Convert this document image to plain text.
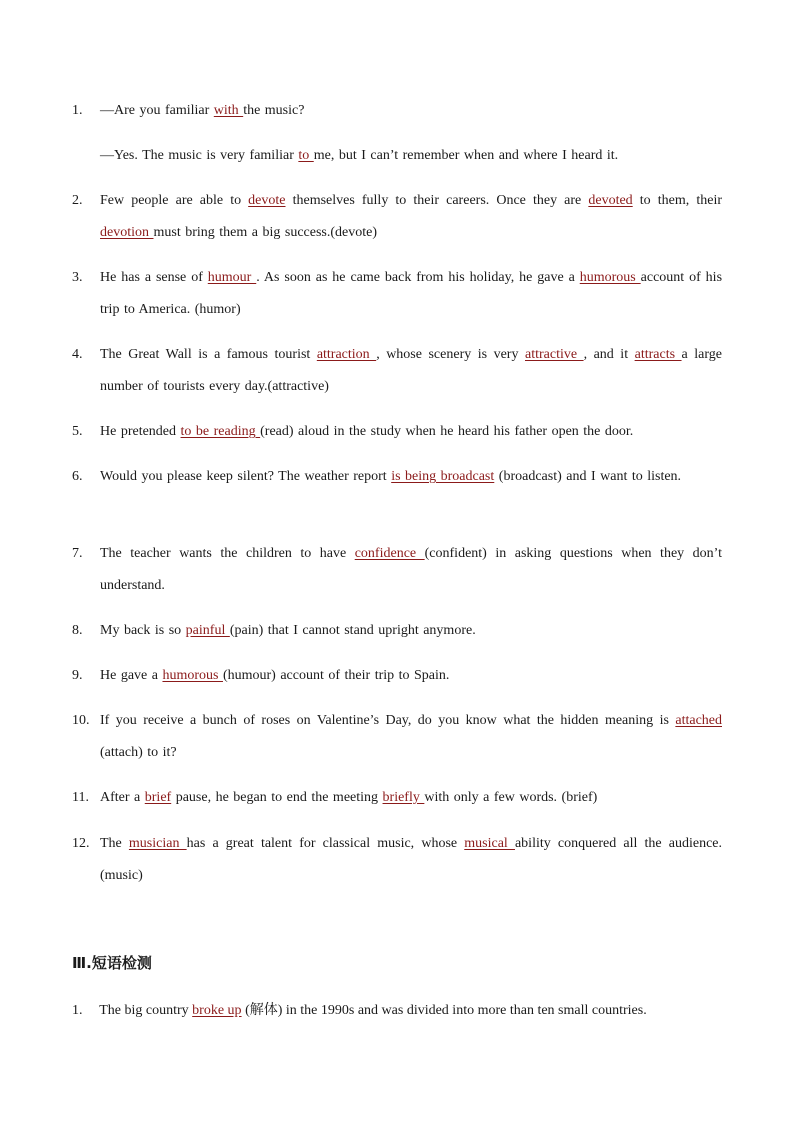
1.	—Are you familiar with the music?
—Yes. The music is very familiar to me, but I can’t remember when and where I heard it.
2.	Few people are able to devote themselves fully to their careers. Once they are devoted to them, their devotion must bring them a big success.(devote)
3.	He has a sense of humour . As soon as he came back from his holiday, he gave a humorous account of his trip to America. (humor)
4.	The Great Wall is a famous tourist attraction , whose scenery is very attractive , and it attracts a large number of tourists every day.(attractive)
5.	He pretended to be reading (read) aloud in the study when he heard his father open the door.
6.	Would you please keep silent? The weather report is being broadcast (broadcast) and I want to listen.
7.	The teacher wants the children to have confidence (confident) in asking questions when they don’t understand.
8.	My back is so painful (pain) that I cannot stand upright anymore.
9.	He gave a humorous (humour) account of their trip to Spain.
10. If you receive a bunch of roses on Valentine’s Day, do you know what the hidden meaning is attached (attach) to it?
11. After a brief pause, he began to end the meeting briefly with only a few words. (brief)
12. The musician has a great talent for classical music, whose musical ability conquered all the audience. (music)
Ⅲ.短语检测
1. The big country broke up (解体) in the 1990s and was divided into more than ten small countries.
